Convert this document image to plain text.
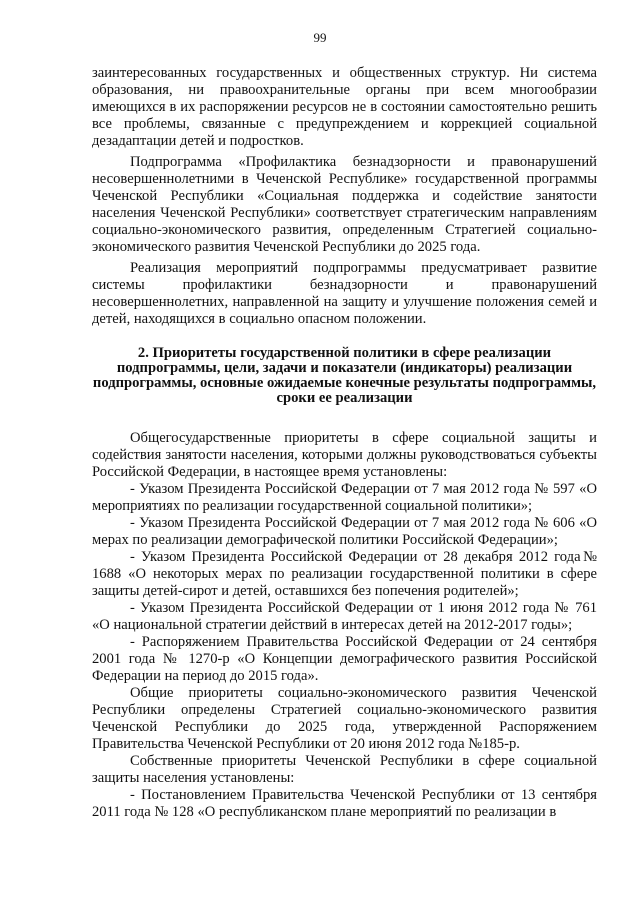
99

заинтересованных государственных и общественных структур. Ни система образования, ни правоохранительные органы при всем многообразии имеющихся в их распоряжении ресурсов не в состоянии самостоятельно решить все проблемы, связанные с предупреждением и коррекцией социальной дезадаптации детей и подростков.

Подпрограмма «Профилактика безнадзорности и правонарушений несовершеннолетними в Чеченской Республике» государственной программы Чеченской Республики «Социальная поддержка и содействие занятости населения Чеченской Республики» соответствует стратегическим направлениям социально-экономического развития, определенным Стратегией социально-экономического развития Чеченской Республики до 2025 года.

Реализация мероприятий подпрограммы предусматривает развитие системы профилактики безнадзорности и правонарушений несовершеннолетних, направленной на защиту и улучшение положения семей и детей, находящихся в социально опасном положении.

2. Приоритеты государственной политики в сфере реализации подпрограммы, цели, задачи и показатели (индикаторы) реализации подпрограммы, основные ожидаемые конечные результаты подпрограммы, сроки ее реализации

Общегосударственные приоритеты в сфере социальной защиты и содействия занятости населения, которыми должны руководствоваться субъекты Российской Федерации, в настоящее время установлены:

- Указом Президента Российской Федерации от 7 мая 2012 года № 597 «О мероприятиях по реализации государственной социальной политики»;

- Указом Президента Российской Федерации от 7 мая 2012 года № 606 «О мерах по реализации демографической политики Российской Федерации»;

- Указом Президента Российской Федерации от 28 декабря 2012 года№ 1688 «О некоторых мерах по реализации государственной политики в сфере защиты детей-сирот и детей, оставшихся без попечения родителей»;

- Указом Президента Российской Федерации от 1 июня 2012 года № 761 «О национальной стратегии действий в интересах детей на 2012-2017 годы»;

- Распоряжением Правительства Российской Федерации от 24 сентября 2001 года № 1270-р «О Концепции демографического развития Российской Федерации на период до 2015 года».

Общие приоритеты социально-экономического развития Чеченской Республики определены Стратегией социально-экономического развития Чеченской Республики до 2025 года, утвержденной Распоряжением Правительства Чеченской Республики от 20 июня 2012 года №185-р.

Собственные приоритеты Чеченской Республики в сфере социальной защиты населения установлены:

- Постановлением Правительства Чеченской Республики от 13 сентября 2011 года № 128 «О республиканском плане мероприятий по реализации в
